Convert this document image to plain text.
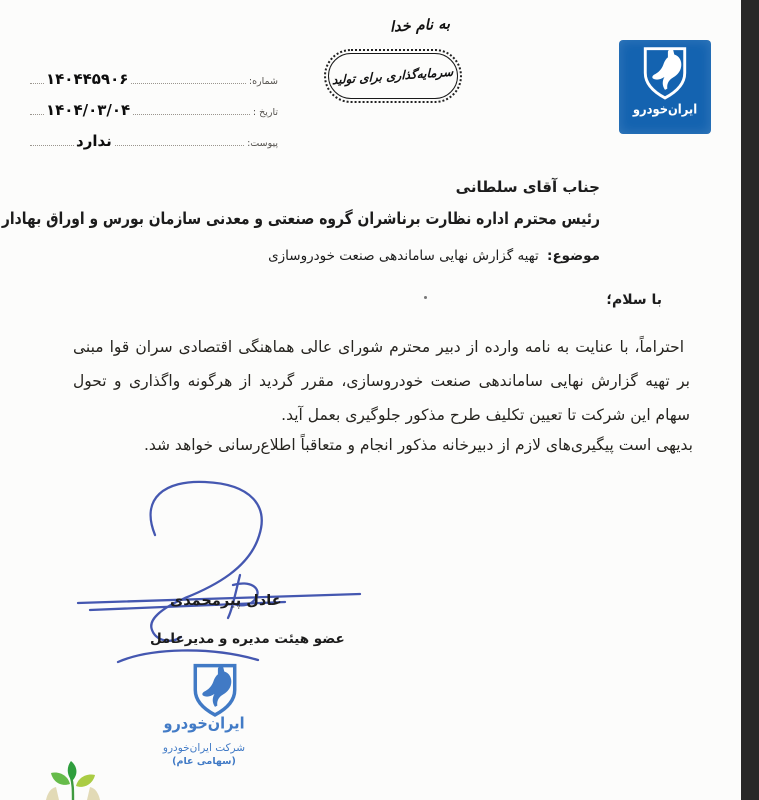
به نام خدا
سرمایه‌گذاری برای تولید
ایران‌خودرو
شماره:
۱۴۰۴۴۵۹۰۶
تاریخ :
۱۴۰۴/۰۳/۰۴
پیوست:
ندارد
جناب آقای سلطانی
رئیس محترم اداره نظارت برناشران گروه صنعتی و معدنی سازمان بورس و اوراق بهادار
موضوع: تهیه گزارش نهایی ساماندهی صنعت خودروسازی
با سلام؛
احتراماً، با عنایت به نامه وارده از دبیر محترم شورای عالی هماهنگی اقتصادی سران قوا مبنی بر تهیه گزارش نهایی ساماندهی صنعت خودروسازی، مقرر گردید از هرگونه واگذاری و تحول سهام این شرکت تا تعیین تکلیف طرح مذکور جلوگیری بعمل آید.
بدیهی است پیگیری‌های لازم از دبیرخانه مذکور انجام و متعاقباً اطلاع‌رسانی خواهد شد.
عادل پیرمحمدی
عضو هیئت مدیره و مدیرعامل
ایران‌خودرو
شرکت ایران‌خودرو
(سهامی عام)
